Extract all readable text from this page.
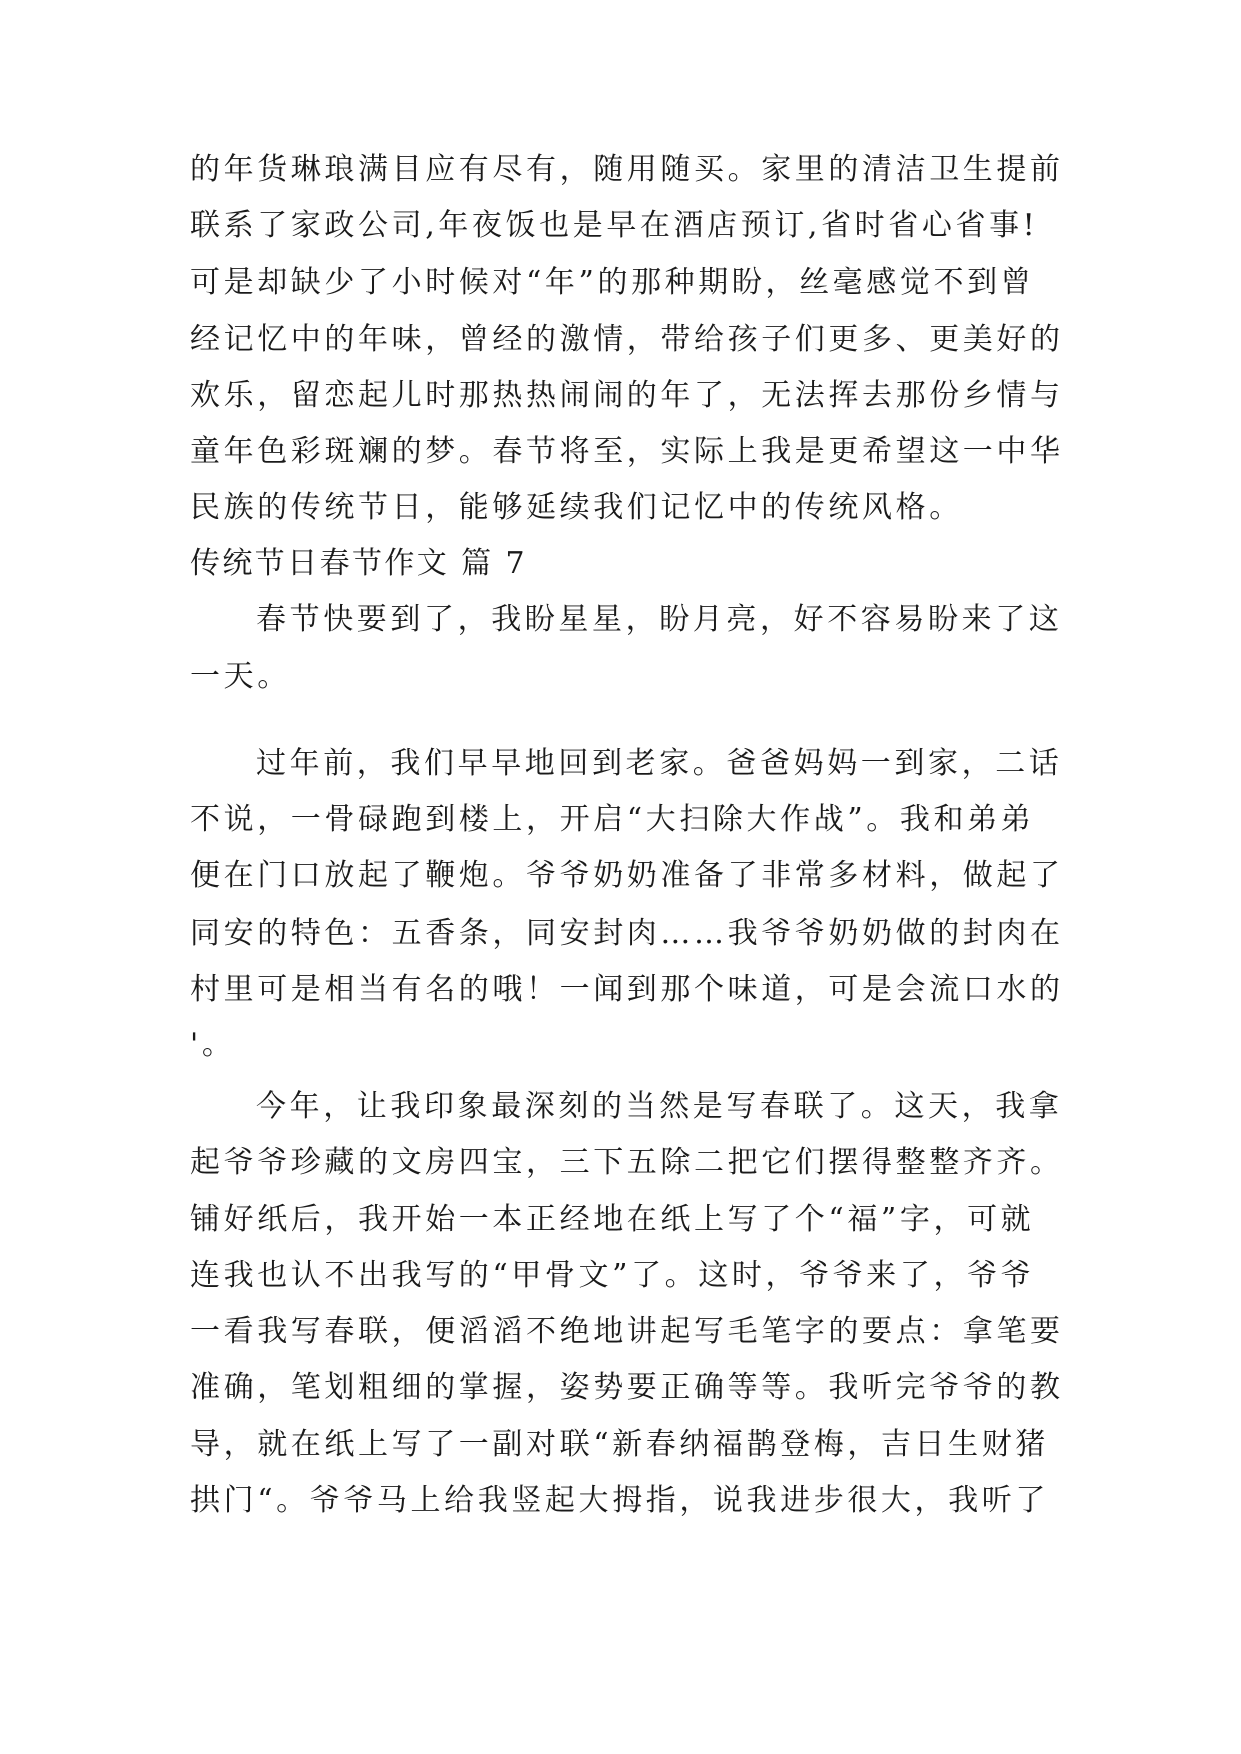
的年货琳琅满目应有尽有，随用随买。家里的清洁卫生提前
联系了家政公司,年夜饭也是早在酒店预订,省时省心省事!
可是却缺少了小时候对“年”的那种期盼，丝毫感觉不到曾
经记忆中的年味，曾经的激情，带给孩子们更多、更美好的
欢乐，留恋起儿时那热热闹闹的年了，无法挥去那份乡情与
童年色彩斑斓的梦。春节将至，实际上我是更希望这一中华
民族的传统节日，能够延续我们记忆中的传统风格。
传统节日春节作文 篇 7
春节快要到了，我盼星星，盼月亮，好不容易盼来了这
一天。
过年前，我们早早地回到老家。爸爸妈妈一到家，二话
不说，一骨碌跑到楼上，开启“大扫除大作战”。我和弟弟
便在门口放起了鞭炮。爷爷奶奶准备了非常多材料，做起了
同安的特色：五香条，同安封肉……我爷爷奶奶做的封肉在
村里可是相当有名的哦！一闻到那个味道，可是会流口水的
'。
今年，让我印象最深刻的当然是写春联了。这天，我拿
起爷爷珍藏的文房四宝，三下五除二把它们摆得整整齐齐。
铺好纸后，我开始一本正经地在纸上写了个“福”字，可就
连我也认不出我写的“甲骨文”了。这时，爷爷来了，爷爷
一看我写春联，便滔滔不绝地讲起写毛笔字的要点：拿笔要
准确，笔划粗细的掌握，姿势要正确等等。我听完爷爷的教
导，就在纸上写了一副对联“新春纳福鹊登梅，吉日生财猪
拱门“。爷爷马上给我竖起大拇指，说我进步很大，我听了
